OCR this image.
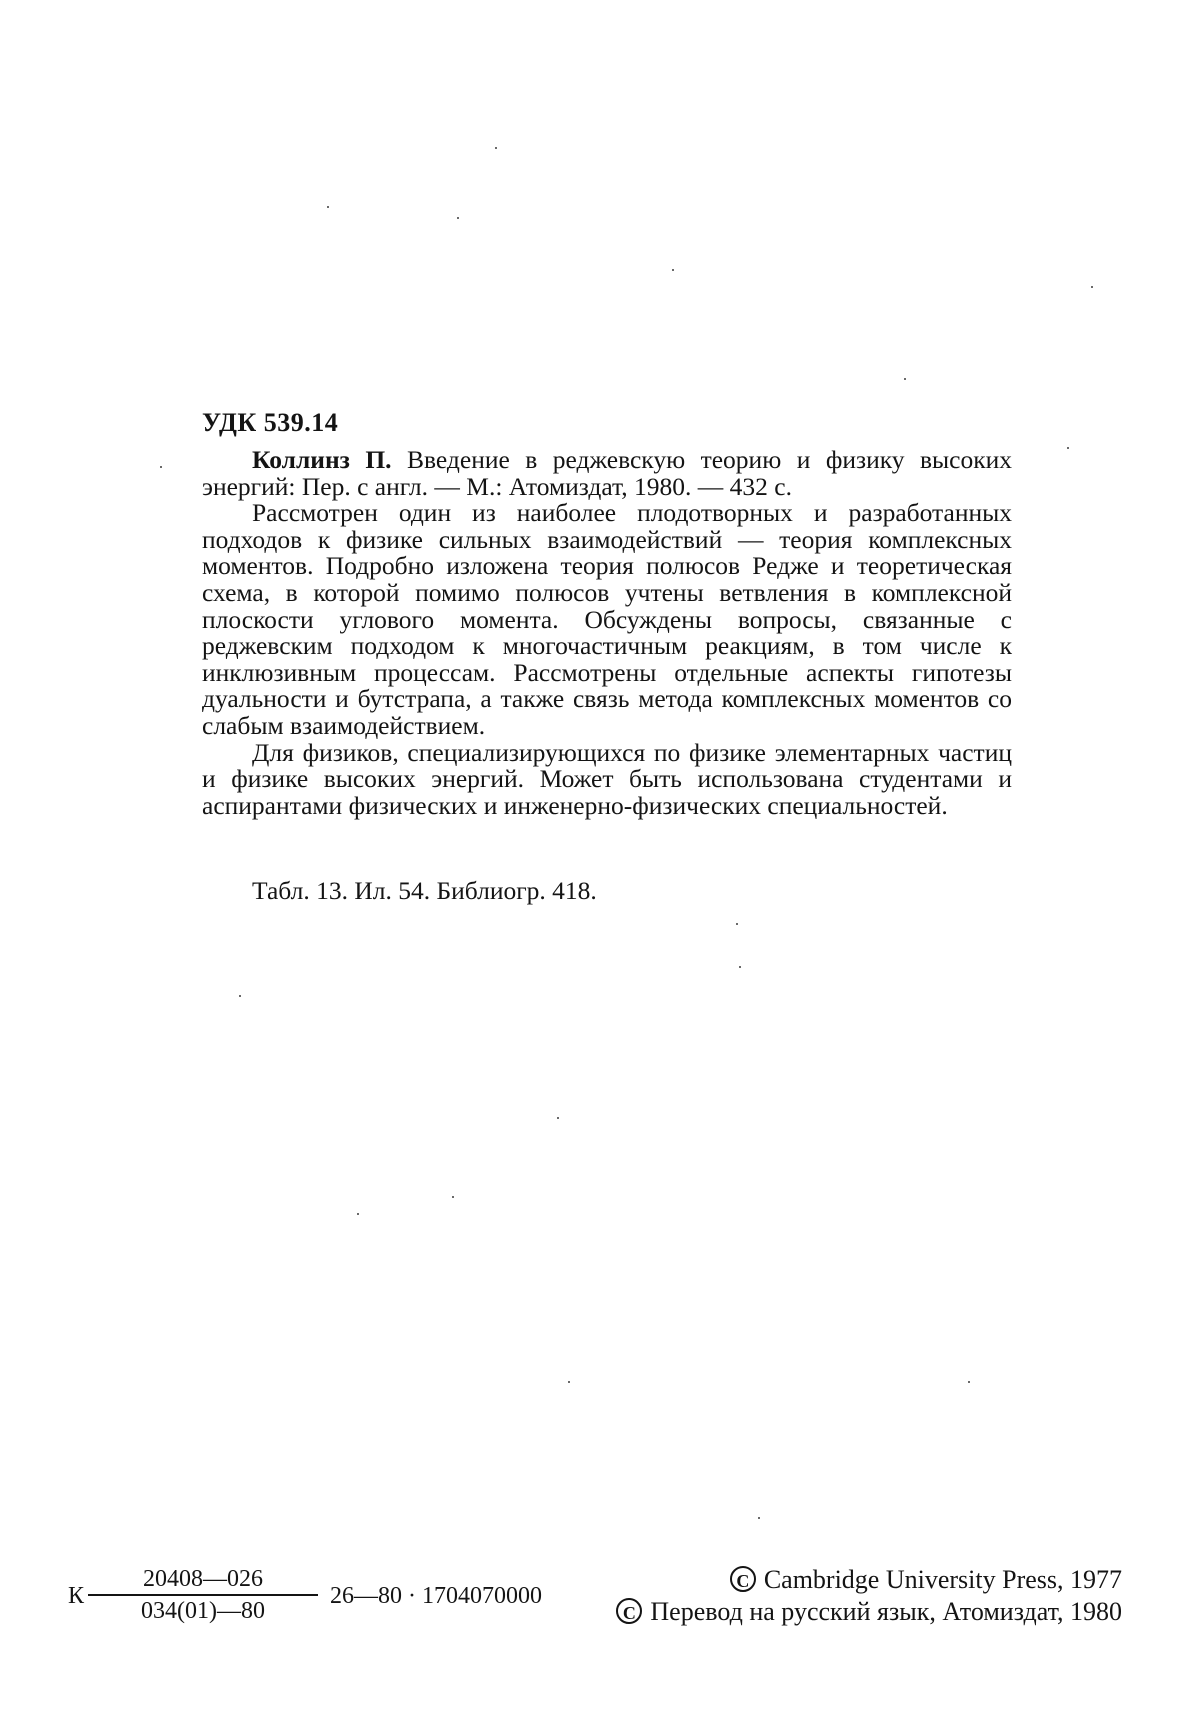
УДК 539.14

Коллинз П. Введение в реджевскую теорию и физику высоких энергий: Пер. с англ. — М.: Атомиздат, 1980. — 432 с.

Рассмотрен один из наиболее плодотворных и разработанных подходов к физике сильных взаимодействий — теория комплексных моментов. Подробно изложена теория полюсов Редже и теоретическая схема, в которой помимо полюсов учтены ветвления в комплексной плоскости углового момента. Обсуждены вопросы, связанные с реджевским подходом к многочастичным реакциям, в том числе к инклюзивным процессам. Рассмотрены отдельные аспекты гипотезы дуальности и бутстрапа, а также связь метода комплексных моментов со слабым взаимодействием.

Для физиков, специализирующихся по физике элементарных частиц и физике высоких энергий. Может быть использована студентами и аспирантами физических и инженерно-физических специальностей.

Табл. 13. Ил. 54. Библиогр. 418.
К $\frac{20408—026}{034(01)—80}$ 26—80 · 1704070000
C Cambridge University Press, 1977
C Перевод на русский язык, Атомиздат, 1980
